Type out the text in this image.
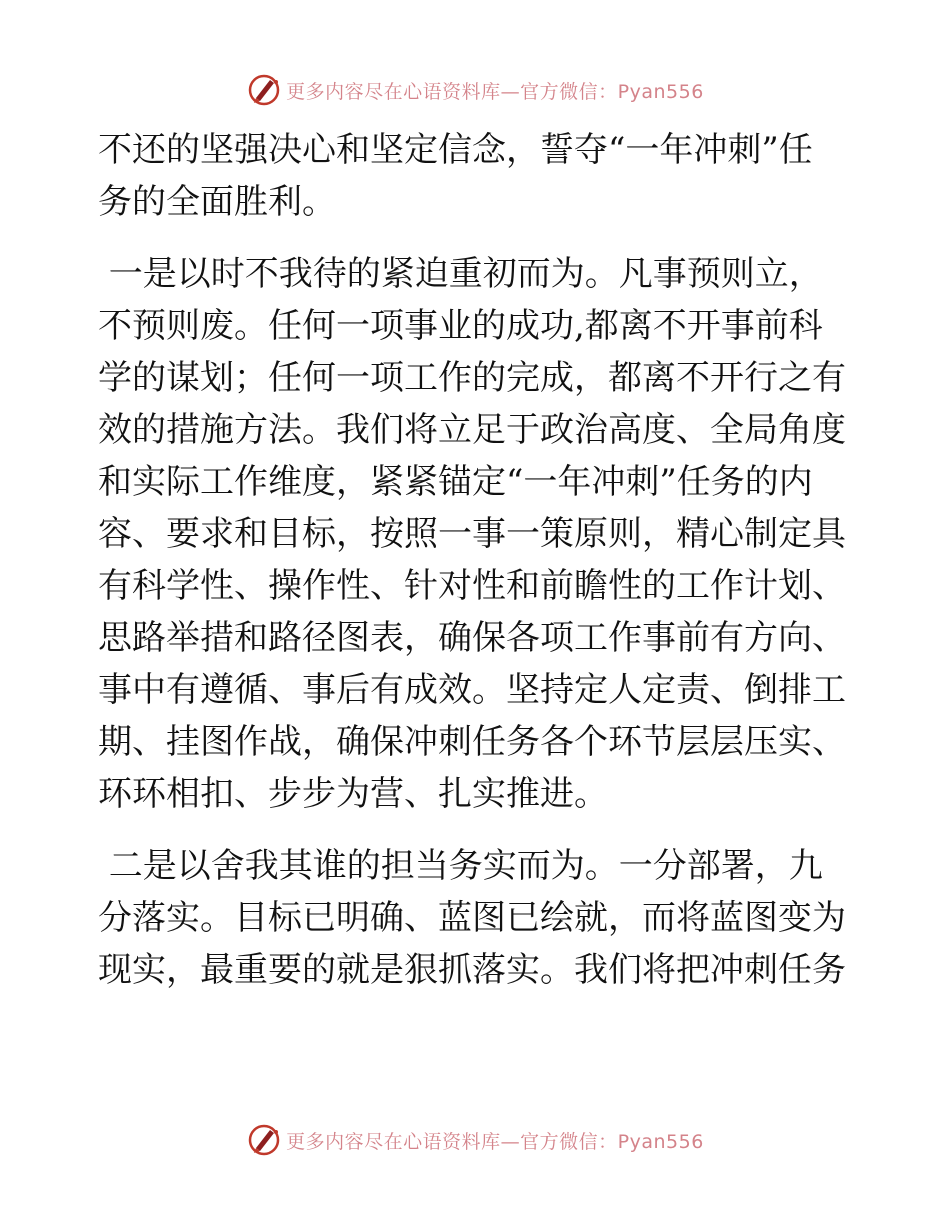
更多内容尽在心语资料库—官方微信：Pyan556
不还的坚强决心和坚定信念，誓夺“一年冲刺”任
务的全面胜利。
一是以时不我待的紧迫重初而为。凡事预则立，
不预则废。任何一项事业的成功,都离不开事前科
学的谋划；任何一项工作的完成，都离不开行之有
效的措施方法。我们将立足于政治高度、全局角度
和实际工作维度，紧紧锚定“一年冲刺”任务的内
容、要求和目标，按照一事一策原则，精心制定具
有科学性、操作性、针对性和前瞻性的工作计划、
思路举措和路径图表，确保各项工作事前有方向、
事中有遵循、事后有成效。坚持定人定责、倒排工
期、挂图作战，确保冲刺任务各个环节层层压实、
环环相扣、步步为营、扎实推进。
二是以舍我其谁的担当务实而为。一分部署，九
分落实。目标已明确、蓝图已绘就，而将蓝图变为
现实，最重要的就是狠抓落实。我们将把冲刺任务
更多内容尽在心语资料库—官方微信：Pyan556
